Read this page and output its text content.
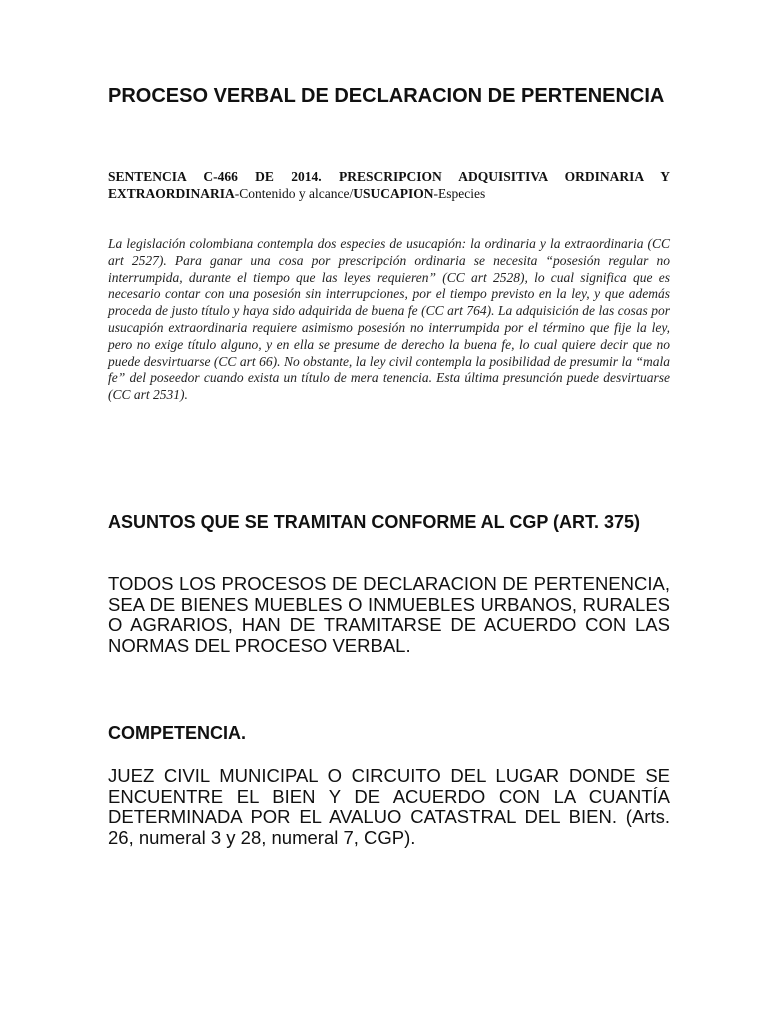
PROCESO VERBAL DE DECLARACION DE PERTENENCIA

SENTENCIA C-466 DE 2014. PRESCRIPCION ADQUISITIVA ORDINARIA Y EXTRAORDINARIA-Contenido y alcance/USUCAPION-Especies

La legislación colombiana contempla dos especies de usucapión: la ordinaria y la extraordinaria (CC art 2527). Para ganar una cosa por prescripción ordinaria se necesita “posesión regular no interrumpida, durante el tiempo que las leyes requieren” (CC art 2528), lo cual significa que es necesario contar con una posesión sin interrupciones, por el tiempo previsto en la ley, y que además proceda de justo título y haya sido adquirida de buena fe (CC art 764). La adquisición de las cosas por usucapión extraordinaria requiere asimismo posesión no interrumpida por el término que fije la ley, pero no exige título alguno, y en ella se presume de derecho la buena fe, lo cual quiere decir que no puede desvirtuarse (CC art 66). No obstante, la ley civil contempla la posibilidad de presumir la “mala fe” del poseedor cuando exista un título de mera tenencia. Esta última presunción puede desvirtuarse (CC art 2531).

ASUNTOS QUE SE TRAMITAN CONFORME AL CGP (ART. 375)

TODOS LOS PROCESOS DE DECLARACION DE PERTENENCIA, SEA DE BIENES MUEBLES O INMUEBLES URBANOS, RURALES O AGRARIOS, HAN DE TRAMITARSE DE ACUERDO CON LAS NORMAS DEL PROCESO VERBAL.

COMPETENCIA.

JUEZ CIVIL MUNICIPAL O CIRCUITO DEL LUGAR DONDE SE ENCUENTRE EL BIEN Y DE ACUERDO CON LA CUANTÍA DETERMINADA POR EL AVALUO CATASTRAL DEL BIEN. (Arts. 26, numeral 3 y 28, numeral 7, CGP).
